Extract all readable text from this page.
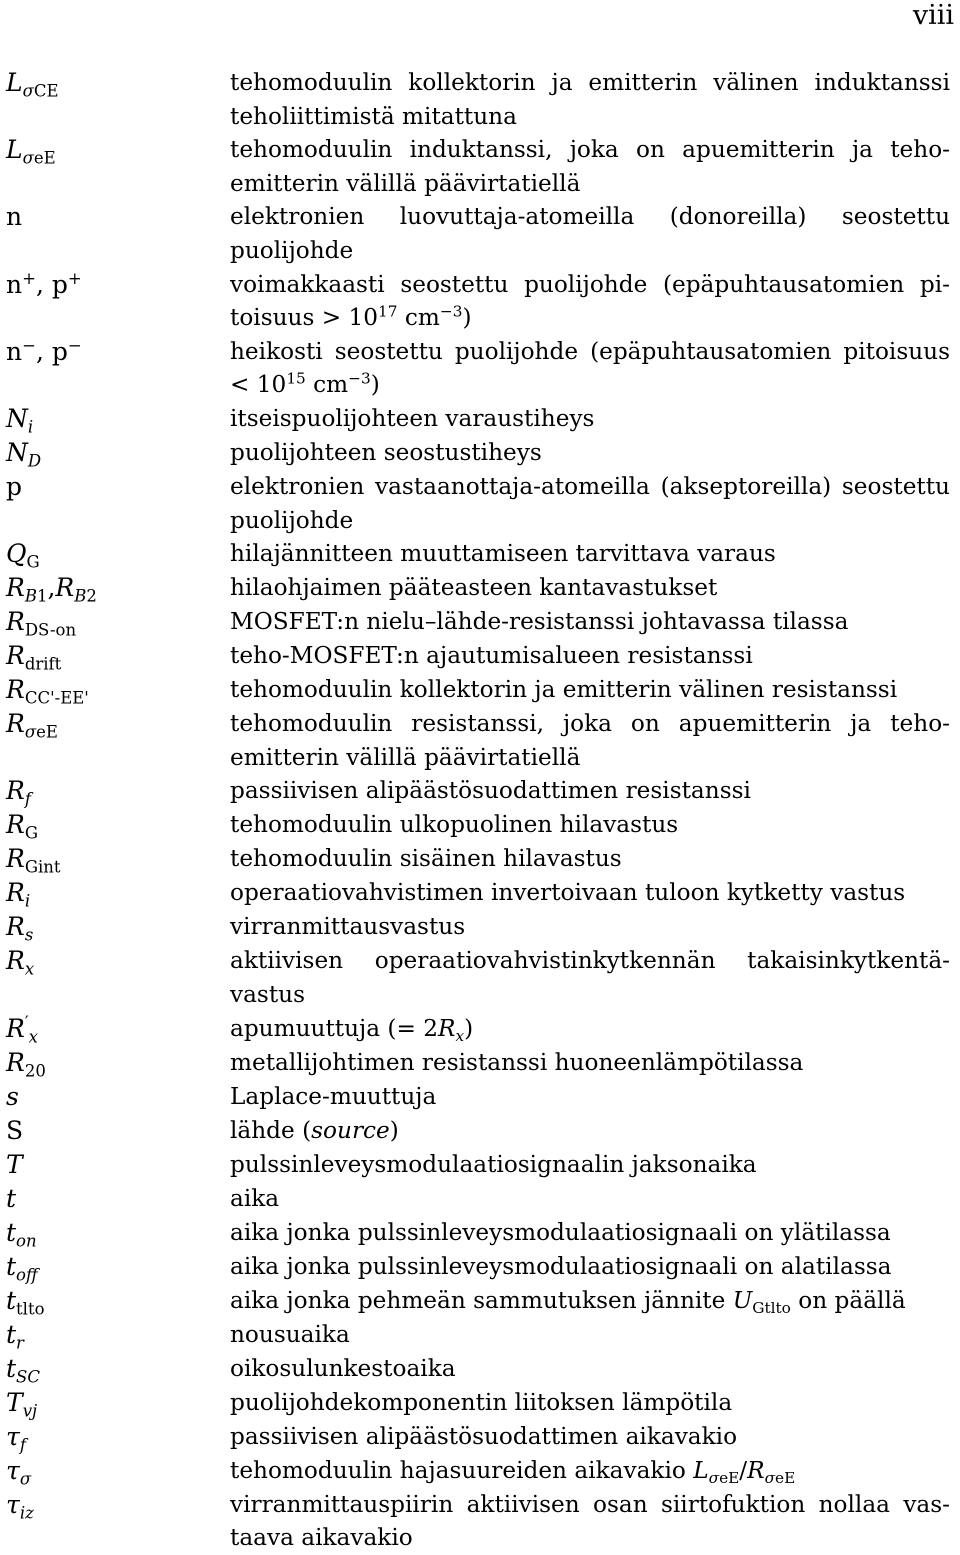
viii
$L_{\sigma CE}$	tehomoduulin kollektorin ja emitterin välinen induktanssi teholiittimistä mitattuna
$L_{\sigma eE}$	tehomoduulin induktanssi, joka on apuemitterin ja tehoemitterin välillä päävirtatiellä
n	elektronien luovuttaja-atomeilla (donoreilla) seostettu puolijohde
n+, p+	voimakkaasti seostettu puolijohde (epäpuhtausatomien pitoisuus > $10^{17}$ $cm^{-3}$)
n−, p−	heikosti seostettu puolijohde (epäpuhtausatomien pitoisuus < $10^{15}$ $cm^{-3}$)
$N_i$	itseispuolijohteen varaustiheys
$N_D$	puolijohteen seostustiheys
p	elektronien vastaanottaja-atomeilla (akseptoreilla) seostettu puolijohde
$Q_G$	hilajännitteen muuttamiseen tarvittava varaus
$R_{B1},R_{B2}$	hilaohjaimen pääteasteen kantavastukset
$R_{DS-on}$	MOSFET:n nielu–lähde-resistanssi johtavassa tilassa
$R_{drift}$	teho-MOSFET:n ajautumisalueen resistanssi
$R_{CC'-EE'}$	tehomoduulin kollektorin ja emitterin välinen resistanssi
$R_{\sigma eE}$	tehomoduulin resistanssi, joka on apuemitterin ja tehoemitterin välillä päävirtatiellä
$R_f$	passiivisen alipäästösuodattimen resistanssi
$R_G$	tehomoduulin ulkopuolinen hilavastus
$R_{Gint}$	tehomoduulin sisäinen hilavastus
$R_i$	operaatiovahvistimen invertoivaan tuloon kytketty vastus
$R_s$	virranmittausvastus
$R_x$	aktiivisen operaatiovahvistinkytkennän takaisinkytkentävastus
$R'_x$	apumuuttuja (= $2R_x$)
$R_{20}$	metallijohtimen resistanssi huoneenlämpötilassa
s	Laplace-muuttuja
S	lähde (source)
T	pulssinleveysmodulaatiosignaalin jaksonaika
t	aika
$t_{on}$	aika jonka pulssinleveysmodulaatiosignaali on ylätilassa
$t_{off}$	aika jonka pulssinleveysmodulaatiosignaali on alatilassa
$t_{tlto}$	aika jonka pehmeän sammutuksen jännite $U_{Gtlto}$ on päällä
$t_r$	nousuaika
$t_{SC}$	oikosulunkestoaika
$T_{vj}$	puolijohdekomponentin liitoksen lämpötila
$\tau_f$	passiivisen alipäästösuodattimen aikavakio
$\tau_\sigma$	tehomoduulin hajasuureiden aikavakio $L_{\sigma eE}/R_{\sigma eE}$
$\tau_{iz}$	virranmittauspiirin aktiivisen osan siirtofuktion nollaa vastaava aikavakio
